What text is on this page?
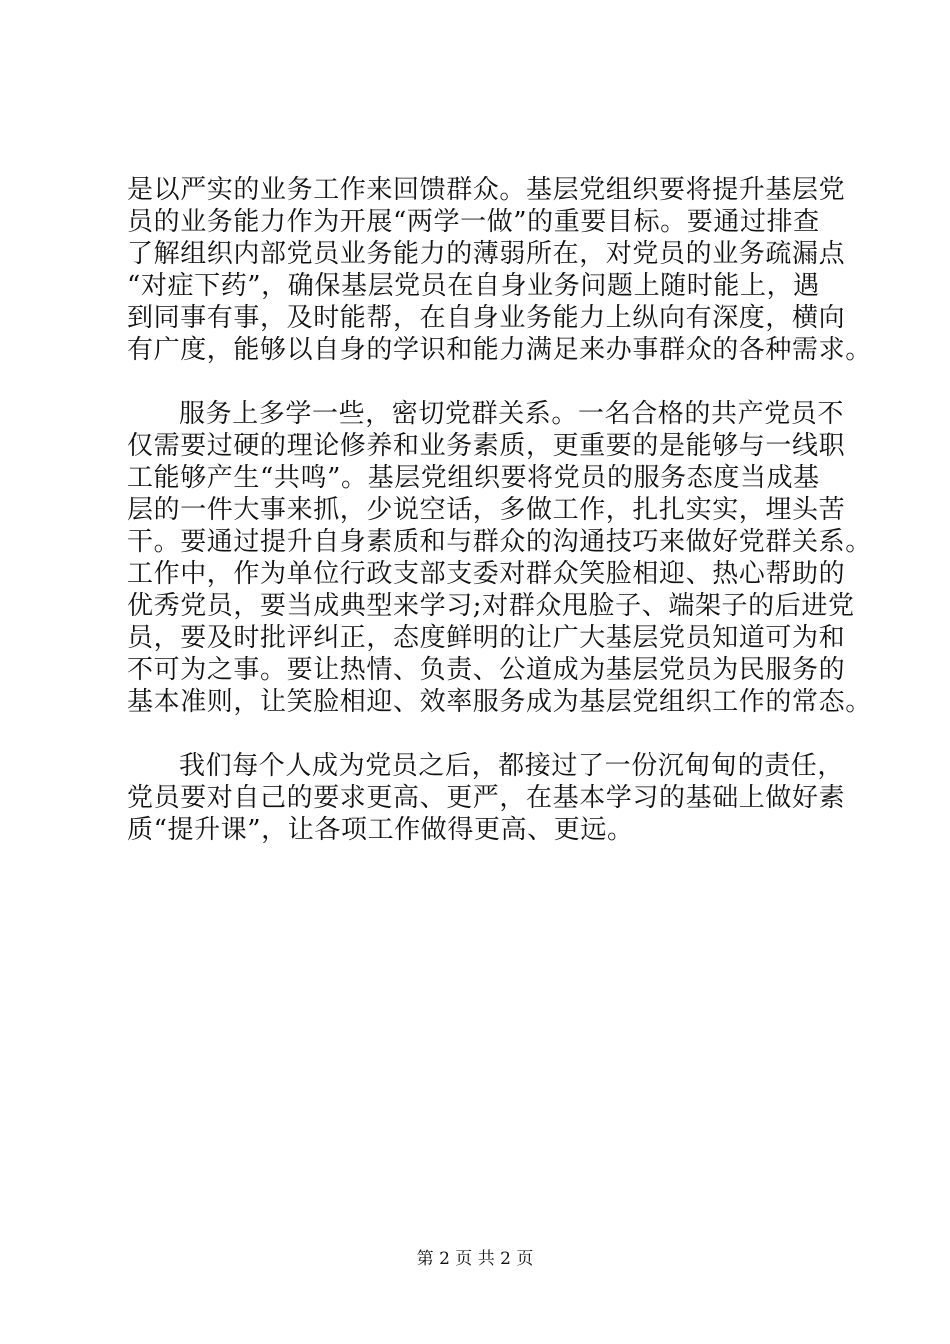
是以严实的业务工作来回馈群众。基层党组织要将提升基层党
员的业务能力作为开展“两学一做”的重要目标。要通过排查
了解组织内部党员业务能力的薄弱所在，对党员的业务疏漏点
“对症下药”，确保基层党员在自身业务问题上随时能上，遇
到同事有事，及时能帮，在自身业务能力上纵向有深度，横向
有广度，能够以自身的学识和能力满足来办事群众的各种需求。
服务上多学一些，密切党群关系。一名合格的共产党员不
仅需要过硬的理论修养和业务素质，更重要的是能够与一线职
工能够产生“共鸣”。基层党组织要将党员的服务态度当成基
层的一件大事来抓，少说空话，多做工作，扎扎实实，埋头苦
干。要通过提升自身素质和与群众的沟通技巧来做好党群关系。
工作中，作为单位行政支部支委对群众笑脸相迎、热心帮助的
优秀党员，要当成典型来学习;对群众甩脸子、端架子的后进党
员，要及时批评纠正，态度鲜明的让广大基层党员知道可为和
不可为之事。要让热情、负责、公道成为基层党员为民服务的
基本准则，让笑脸相迎、效率服务成为基层党组织工作的常态。
我们每个人成为党员之后，都接过了一份沉甸甸的责任，
党员要对自己的要求更高、更严，在基本学习的基础上做好素
质“提升课”，让各项工作做得更高、更远。
第 2 页 共 2 页
